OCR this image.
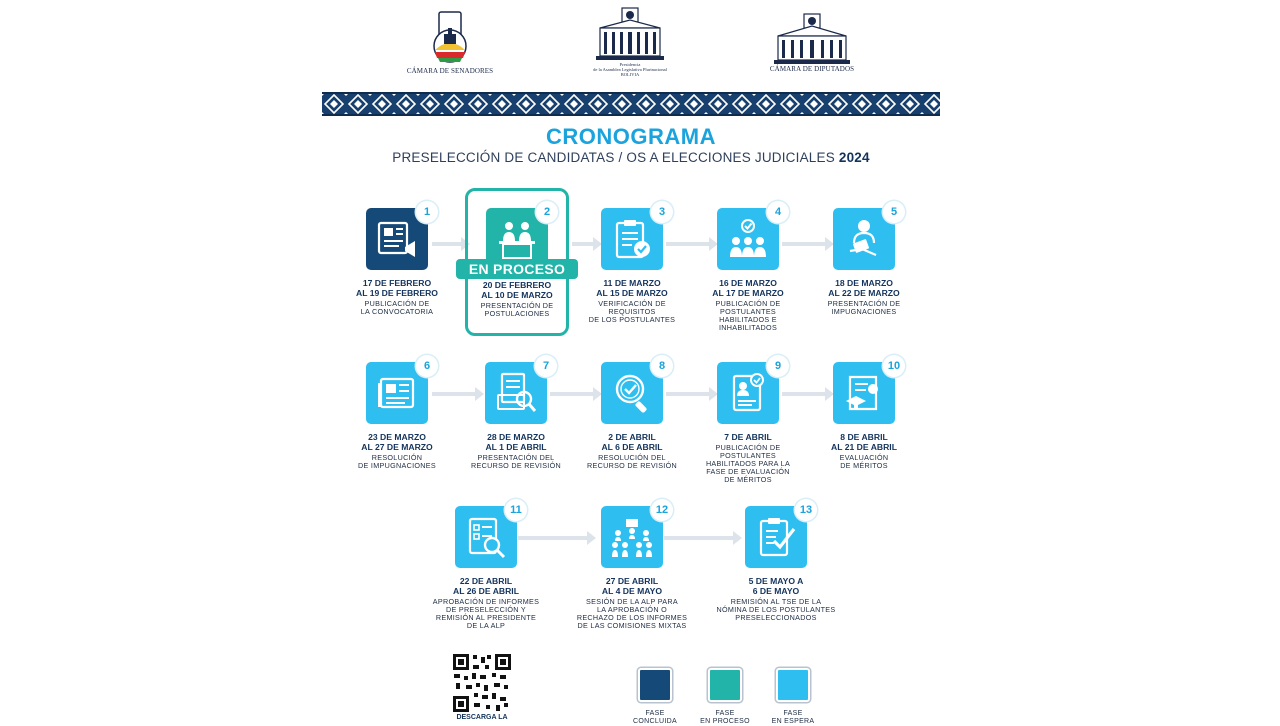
CÁMARA DE SENADORES
Presidencia
de la Asamblea Legislativa Plurinacional
BOLIVIA
CÁMARA DE DIPUTADOS
CRONOGRAMA
PRESELECCIÓN DE CANDIDATAS / OS A ELECCIONES JUDICIALES 2024
1
17 DE FEBRERO
AL 19 DE FEBRERO
PUBLICACIÓN DE
LA CONVOCATORIA
2
20 DE FEBRERO
AL 10 DE MARZO
PRESENTACIÓN DE
POSTULACIONES
3
11 DE MARZO
AL 15 DE MARZO
VERIFICACIÓN DE
REQUISITOS
DE LOS POSTULANTES
4
16 DE MARZO
AL 17 DE MARZO
PUBLICACIÓN DE
POSTULANTES
HABILITADOS E
INHABILITADOS
5
18 DE MARZO
AL 22 DE MARZO
PRESENTACIÓN DE
IMPUGNACIONES
6
23 DE MARZO
AL 27 DE MARZO
RESOLUCIÓN
DE IMPUGNACIONES
7
28 DE MARZO
AL 1 DE ABRIL
PRESENTACIÓN DEL
RECURSO DE REVISIÓN
8
2 DE ABRIL
AL 6 DE ABRIL
RESOLUCIÓN DEL
RECURSO DE REVISIÓN
9
7 DE ABRIL
PUBLICACIÓN DE
POSTULANTES
HABILITADOS PARA LA
FASE DE EVALUACIÓN
DE MÉRITOS
10
8 DE ABRIL
AL 21 DE ABRIL
EVALUACIÓN
DE MÉRITOS
11
22 DE ABRIL
AL 26 DE ABRIL
APROBACIÓN DE INFORMES
DE PRESELECCIÓN Y
REMISIÓN AL PRESIDENTE
DE LA ALP
12
27 DE ABRIL
AL 4 DE MAYO
SESIÓN DE LA ALP PARA
LA APROBACIÓN O
RECHAZO DE LOS INFORMES
DE LAS COMISIONES MIXTAS
13
5 DE MAYO A
6 DE MAYO
REMISIÓN AL TSE DE LA
NÓMINA DE LOS POSTULANTES
PRESELECCIONADOS
EN PROCESO
DESCARGA LA
FASE
CONCLUIDA
FASE
EN PROCESO
FASE
EN ESPERA
